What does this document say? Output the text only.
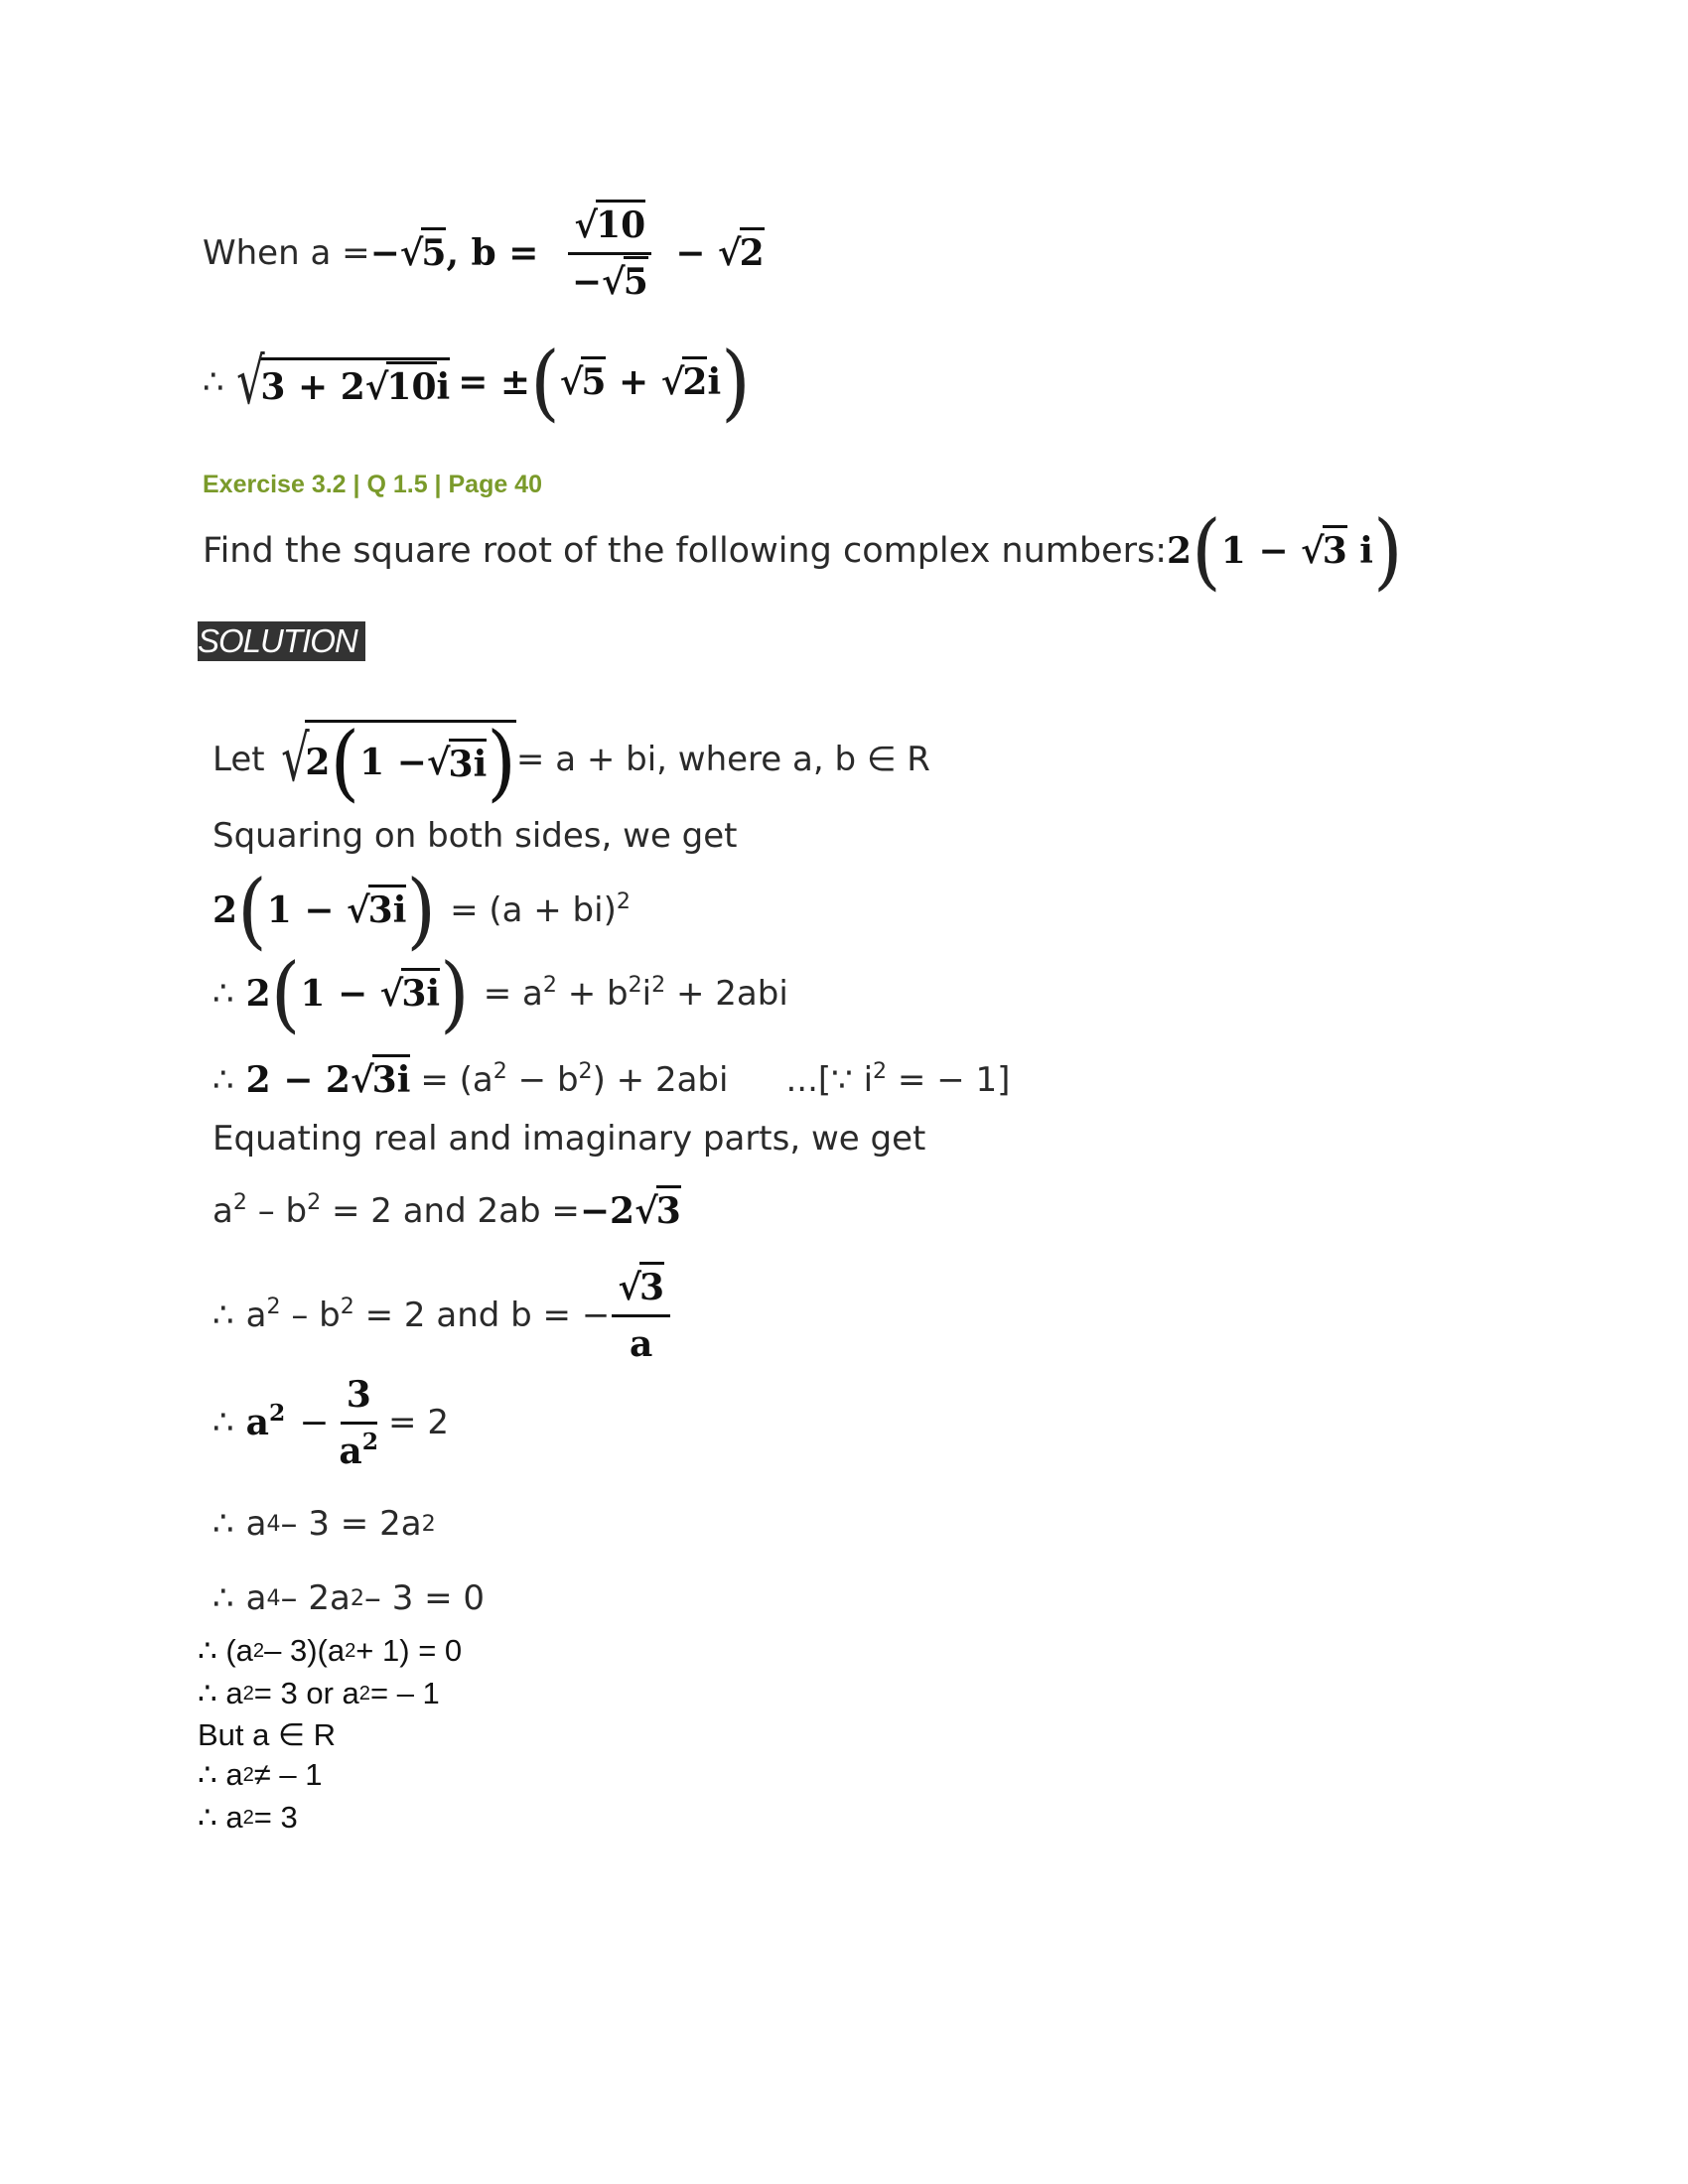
When a = −√5 , $b = \frac{√10}{-√5} - √2$
∴ √
3 + 2√10i = ± ( √5 + √2i )
Exercise 3.2 | Q 1.5 | Page 40
Find the square root of the following complex numbers: 2 ( 1 − √3 i )
SOLUTION
Let √
2 ( 1 − √
3i ) = a + bi, where a, b ∈ R
Squaring on both sides, we get
2 ( 1 − √3i ) = (a + bi)$^2$
∴ 2 ( 1 − √3i ) = $a^2 + b^2i^2 + 2abi$
∴ $2 - 2√3i = (a^2 - b^2) + 2abi$ ...[∵ $i^2$ = − 1]
Equating real and imaginary parts, we get
$a^2 - b^2 = 2$ and 2ab = −2√3
∴ $a^2 - b^2 = 2$ and b = − $\frac{√3}{a}$
∴ $a^2 - \frac{3}{a^2} = 2$
∴ a 4 – 3 = 2a 2
∴ a 4 – 2a 2 – 3 = 0
∴ (a 2 – 3)(a 2 + 1) = 0
∴ a 2 = 3 or a 2 = – 1
But a ∈ R
∴ a 2 ≠ – 1
∴ a 2 = 3
